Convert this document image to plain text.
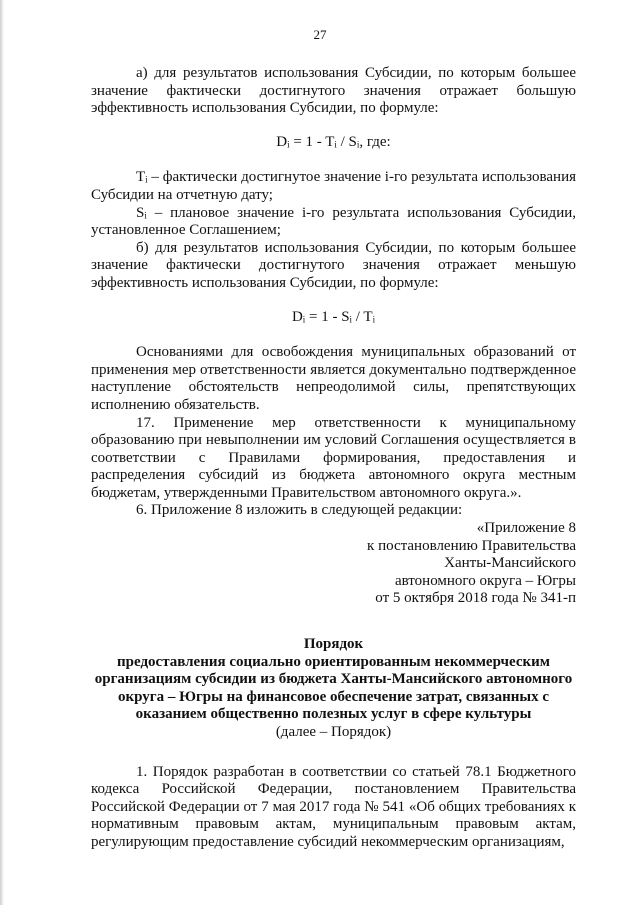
27

а) для результатов использования Субсидии, по которым большее значение фактически достигнутого значения отражает большую эффективность использования Субсидии, по формуле:

Dᵢ = 1 - Tᵢ / Sᵢ, где:

Tᵢ – фактически достигнутое значение i-го результата использования Субсидии на отчетную дату;

Sᵢ – плановое значение i-го результата использования Субсидии, установленное Соглашением;

б) для результатов использования Субсидии, по которым большее значение фактически достигнутого значения отражает меньшую эффективность использования Субсидии, по формуле:

Dᵢ = 1 - Sᵢ / Tᵢ

Основаниями для освобождения муниципальных образований от применения мер ответственности является документально подтвержденное наступление обстоятельств непреодолимой силы, препятствующих исполнению обязательств.

17. Применение мер ответственности к муниципальному образованию при невыполнении им условий Соглашения осуществляется в соответствии с Правилами формирования, предоставления и распределения субсидий из бюджета автономного округа местным бюджетам, утвержденными Правительством автономного округа.».

6. Приложение 8 изложить в следующей редакции:

«Приложение 8

к постановлению Правительства

Ханты-Мансийского

автономного округа – Югры

от 5 октября 2018 года № 341-п

Порядок

предоставления социально ориентированным некоммерческим

организациям субсидии из бюджета Ханты-Мансийского автономного

округа – Югры на финансовое обеспечение затрат, связанных с

оказанием общественно полезных услуг в сфере культуры

(далее – Порядок)

1. Порядок разработан в соответствии со статьей 78.1 Бюджетного кодекса Российской Федерации, постановлением Правительства Российской Федерации от 7 мая 2017 года № 541 «Об общих требованиях к нормативным правовым актам, муниципальным правовым актам, регулирующим предоставление субсидий некоммерческим организациям,
